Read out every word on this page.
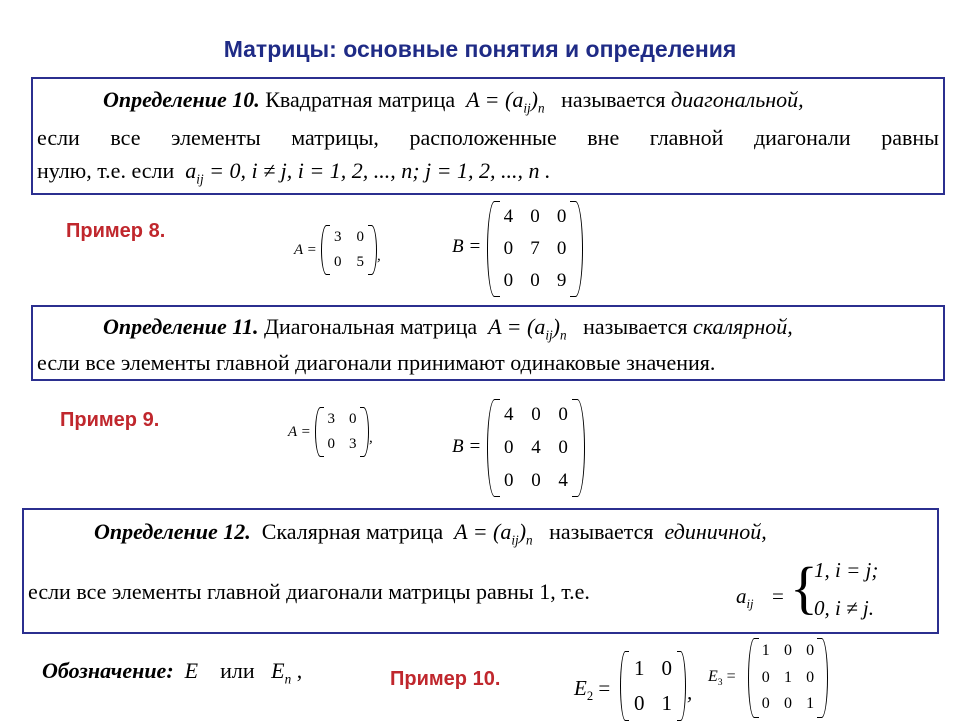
Матрицы: основные понятия и определения
Определение 10. Квадратная матрица $A = (a_{ij})_n$ называется диагональной,
если все элементы матрицы, расположенные вне главной диагонали равны
нулю, т.е. если $a_{ij} = 0$, i ≠ j, i = 1, 2, ..., n; j = 1, 2, ..., n .
Пример 8.
A =
3 0
0 5 ,	B =
4 0 0
0 7 0
0 0 9
Определение 11. Диагональная матрица $A = (a_{ij})_n$ называется скалярной,
если все элементы главной диагонали принимают одинаковые значения.
Пример 9.
A =
3 0
0 3 ,	B =
4 0 0
0 4 0
0 0 4
Определение 12. Скалярная матрица $A = (a_{ij})_n$ называется единичной,
если все элементы главной диагонали матрицы равны 1, т.е.	$a_{ij}$ = {
1, i = j;
0, i ≠ j.
Обозначение: E или $E_n$ ,	Пример 10.	$E_2$ =
1 0
0 1 ,
$E_3$ =
1 0 0
0 1 0
0 0 1
